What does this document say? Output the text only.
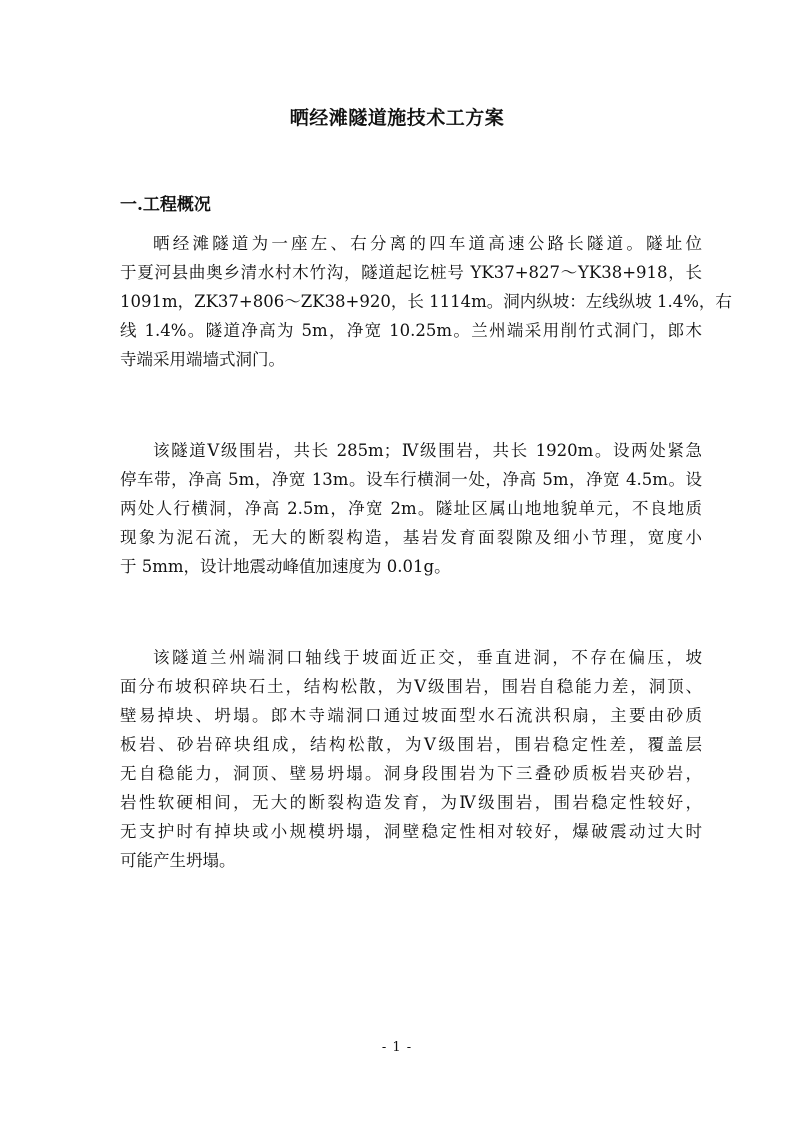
晒经滩隧道施技术工方案
一.工程概况
晒经滩隧道为一座左、右分离的四车道高速公路长隧道。隧址位
于夏河县曲奥乡清水村木竹沟，隧道起讫桩号 YK37+827～YK38+918，长
1091m，ZK37+806～ZK38+920，长 1114m。洞内纵坡：左线纵坡 1.4%，右
线 1.4%。隧道净高为 5m，净宽 10.25m。兰州端采用削竹式洞门，郎木
寺端采用端墙式洞门。
该隧道Ⅴ级围岩，共长 285m；Ⅳ级围岩，共长 1920m。设两处紧急
停车带，净高 5m，净宽 13m。设车行横洞一处，净高 5m，净宽 4.5m。设
两处人行横洞，净高 2.5m，净宽 2m。隧址区属山地地貌单元，不良地质
现象为泥石流，无大的断裂构造，基岩发育面裂隙及细小节理，宽度小
于 5mm，设计地震动峰值加速度为 0.01g。
该隧道兰州端洞口轴线于坡面近正交，垂直进洞，不存在偏压，坡
面分布坡积碎块石土，结构松散，为Ⅴ级围岩，围岩自稳能力差，洞顶、
壁易掉块、坍塌。郎木寺端洞口通过坡面型水石流洪积扇，主要由砂质
板岩、砂岩碎块组成，结构松散，为Ⅴ级围岩，围岩稳定性差，覆盖层
无自稳能力，洞顶、壁易坍塌。洞身段围岩为下三叠砂质板岩夹砂岩，
岩性软硬相间，无大的断裂构造发育，为Ⅳ级围岩，围岩稳定性较好，
无支护时有掉块或小规模坍塌，洞壁稳定性相对较好，爆破震动过大时
可能产生坍塌。
- 1 -
